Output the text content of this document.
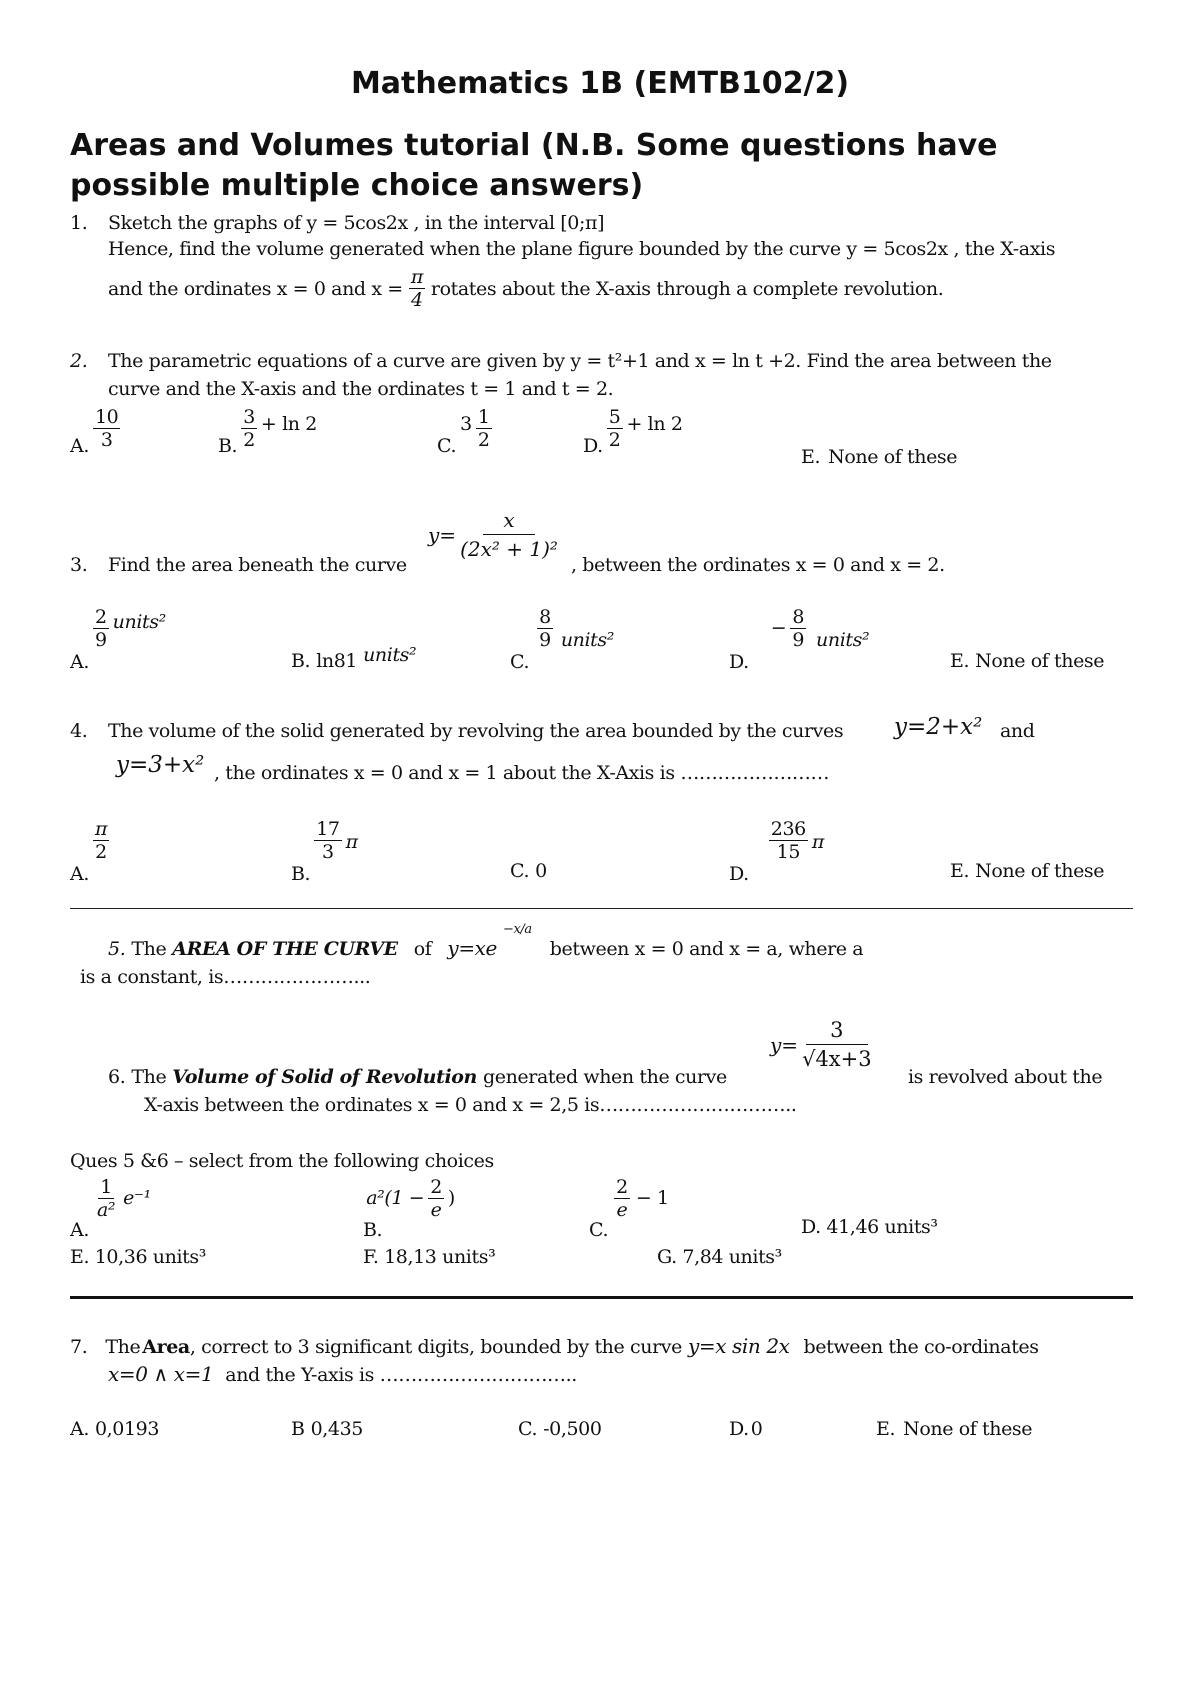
Mathematics 1B (EMTB102/2)
Areas and Volumes tutorial (N.B. Some questions have
possible multiple choice answers)
1. Sketch the graphs of y = 5cos2x , in the interval [0;π]
Hence, find the volume generated when the plane figure bounded by the curve y = 5cos2x , the X-axis
and the ordinates x = 0 and $x = \frac{\pi}{4}$ rotates about the X-axis through a complete revolution.
2. The parametric equations of a curve are given by y = t²+1 and x = ln t +2. Find the area between the
curve and the X-axis and the ordinates t = 1 and t = 2.
A. $\frac{10}{3}$	B. $\frac{3}{2} + \ln 2$
C.
$3 \frac{1}{2}$	D. $\frac{5}{2} + \ln 2$
E. None of these
3. Find the area beneath the curve
$y= \frac{x}{\text{(2x² + 1)²}}$
, between the ordinates x = 0 and x = 2.
A.
$\frac{2}{9}$ units²
B. ln81 units²	C.
$\frac{8}{9}$ units²
D.
− $\frac{8}{9}$ units²
E. None of these
4. The volume of the solid generated by revolving the area bounded by the curves y=2+x² and
y=3+x² , the ordinates x = 0 and x = 1 about the X-Axis is ……………………
A.
$\frac{\pi}{2}$
B.
$\frac{17}{3}$ π
C. 0	D.
$\frac{236}{15}$ π
E. None of these
5. The AREA OF THE CURVE of y=xe
−x/a
between x = 0 and x = a, where a
is a constant, is…………………...
$y= \frac{3}{√4x+3}$
6. The Volume of Solid of Revolution generated when the curve	is revolved about the
X-axis between the ordinates x = 0 and x = 2,5 is…………………………..
Ques 5 &6 – select from the following choices
A.
$\frac{1}{\text{a²}} e^{-1}$
B.
$a^2(1 - \frac{2}{e}$ )
C.
$\frac{2}{e} - 1$
D. 41,46 units³
E. 10,36 units³	F. 18,13 units³	G. 7,84 units³
7. The Area , correct to 3 significant digits, bounded by the curve y=x sin 2x between the co-ordinates
x=0 ∧ x=1 and the Y-axis is …………………………..
A. 0,0193	B 0,435	C. -0,500	D. 0	E. None of these
